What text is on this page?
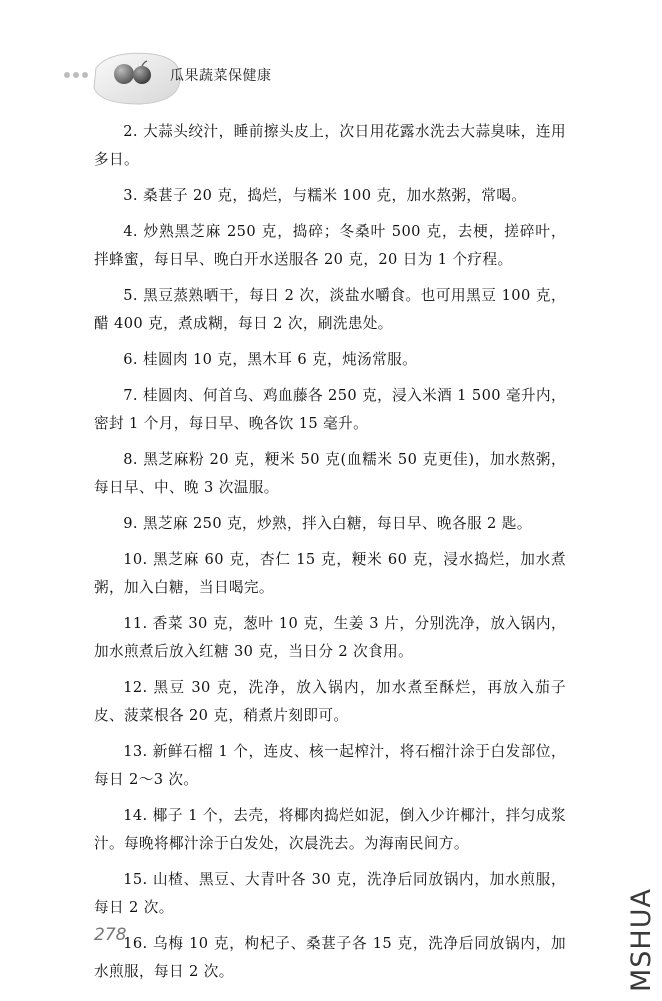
瓜果蔬菜保健康

2. 大蒜头绞汁，睡前擦头皮上，次日用花露水洗去大蒜臭味，连用多日。

3. 桑葚子 20 克，捣烂，与糯米 100 克，加水熬粥，常喝。

4. 炒熟黑芝麻 250 克，捣碎；冬桑叶 500 克，去梗，搓碎叶，拌蜂蜜，每日早、晚白开水送服各 20 克，20 日为 1 个疗程。

5. 黑豆蒸熟晒干，每日 2 次，淡盐水嚼食。也可用黑豆 100 克，醋 400 克，煮成糊，每日 2 次，刷洗患处。

6. 桂圆肉 10 克，黑木耳 6 克，炖汤常服。

7. 桂圆肉、何首乌、鸡血藤各 250 克，浸入米酒 1 500 毫升内，密封 1 个月，每日早、晚各饮 15 毫升。

8. 黑芝麻粉 20 克，粳米 50 克(血糯米 50 克更佳)，加水熬粥，每日早、中、晚 3 次温服。

9. 黑芝麻 250 克，炒熟，拌入白糖，每日早、晚各服 2 匙。

10. 黑芝麻 60 克，杏仁 15 克，粳米 60 克，浸水捣烂，加水煮粥，加入白糖，当日喝完。

11. 香菜 30 克，葱叶 10 克，生姜 3 片，分别洗净，放入锅内，加水煎煮后放入红糖 30 克，当日分 2 次食用。

12. 黑豆 30 克，洗净，放入锅内，加水煮至酥烂，再放入茄子皮、菠菜根各 20 克，稍煮片刻即可。

13. 新鲜石榴 1 个，连皮、核一起榨汁，将石榴汁涂于白发部位，每日 2～3 次。

14. 椰子 1 个，去壳，将椰肉捣烂如泥，倒入少许椰汁，拌匀成浆汁。每晚将椰汁涂于白发处，次晨洗去。为海南民间方。

15. 山楂、黑豆、大青叶各 30 克，洗净后同放锅内，加水煎服，每日 2 次。

16. 乌梅 10 克，枸杞子、桑葚子各 15 克，洗净后同放锅内，加水煎服，每日 2 次。

278	MSHUA
